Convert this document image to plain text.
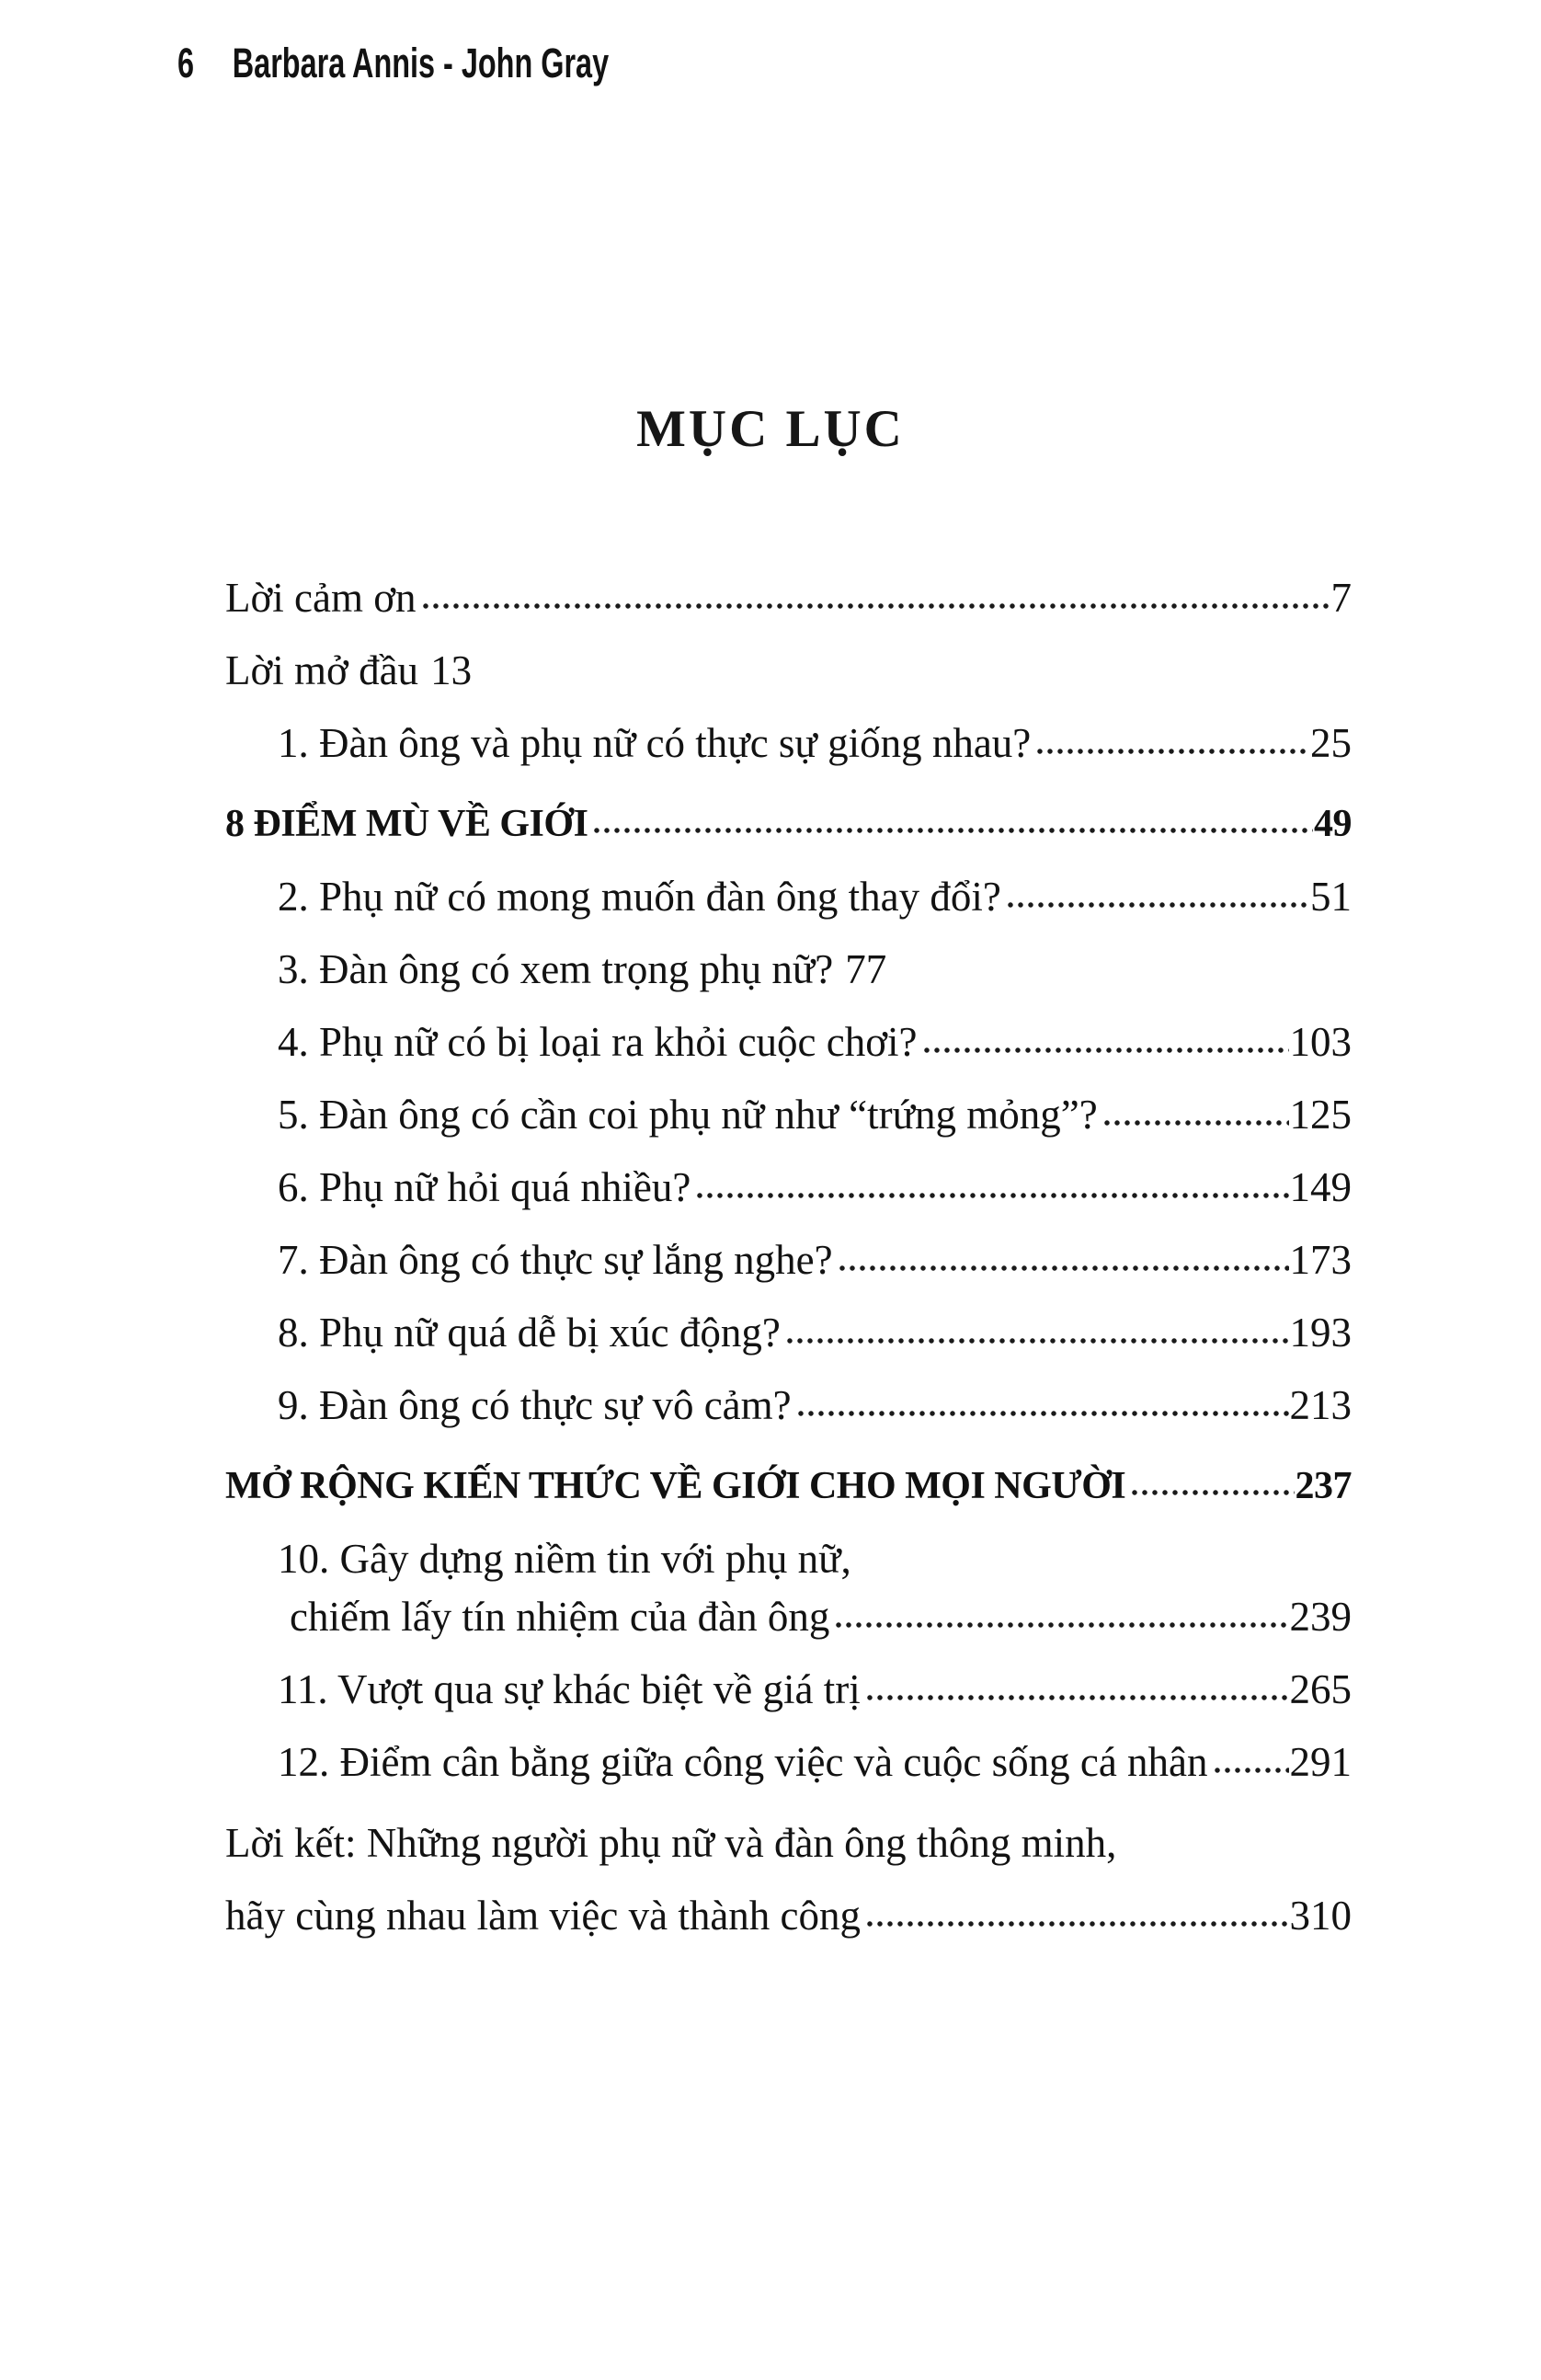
6 Barbara Annis - John Gray
MỤC LỤC
Lời cảm ơn	7
Lời mở đầu 13
1. Đàn ông và phụ nữ có thực sự giống nhau?	25
8 ĐIỂM MÙ VỀ GIỚI	49
2. Phụ nữ có mong muốn đàn ông thay đổi?	51
3. Đàn ông có xem trọng phụ nữ? 77
4. Phụ nữ có bị loại ra khỏi cuộc chơi?	103
5. Đàn ông có cần coi phụ nữ như “trứng mỏng”?	125
6. Phụ nữ hỏi quá nhiều?	149
7. Đàn ông có thực sự lắng nghe?	173
8. Phụ nữ quá dễ bị xúc động?	193
9. Đàn ông có thực sự vô cảm?	213
MỞ RỘNG KIẾN THỨC VỀ GIỚI CHO MỌI NGƯỜI	237
10. Gây dựng niềm tin với phụ nữ,
chiếm lấy tín nhiệm của đàn ông	239
11. Vượt qua sự khác biệt về giá trị	265
12. Điểm cân bằng giữa công việc và cuộc sống cá nhân 291
Lời kết: Những người phụ nữ và đàn ông thông minh,
hãy cùng nhau làm việc và thành công	310
